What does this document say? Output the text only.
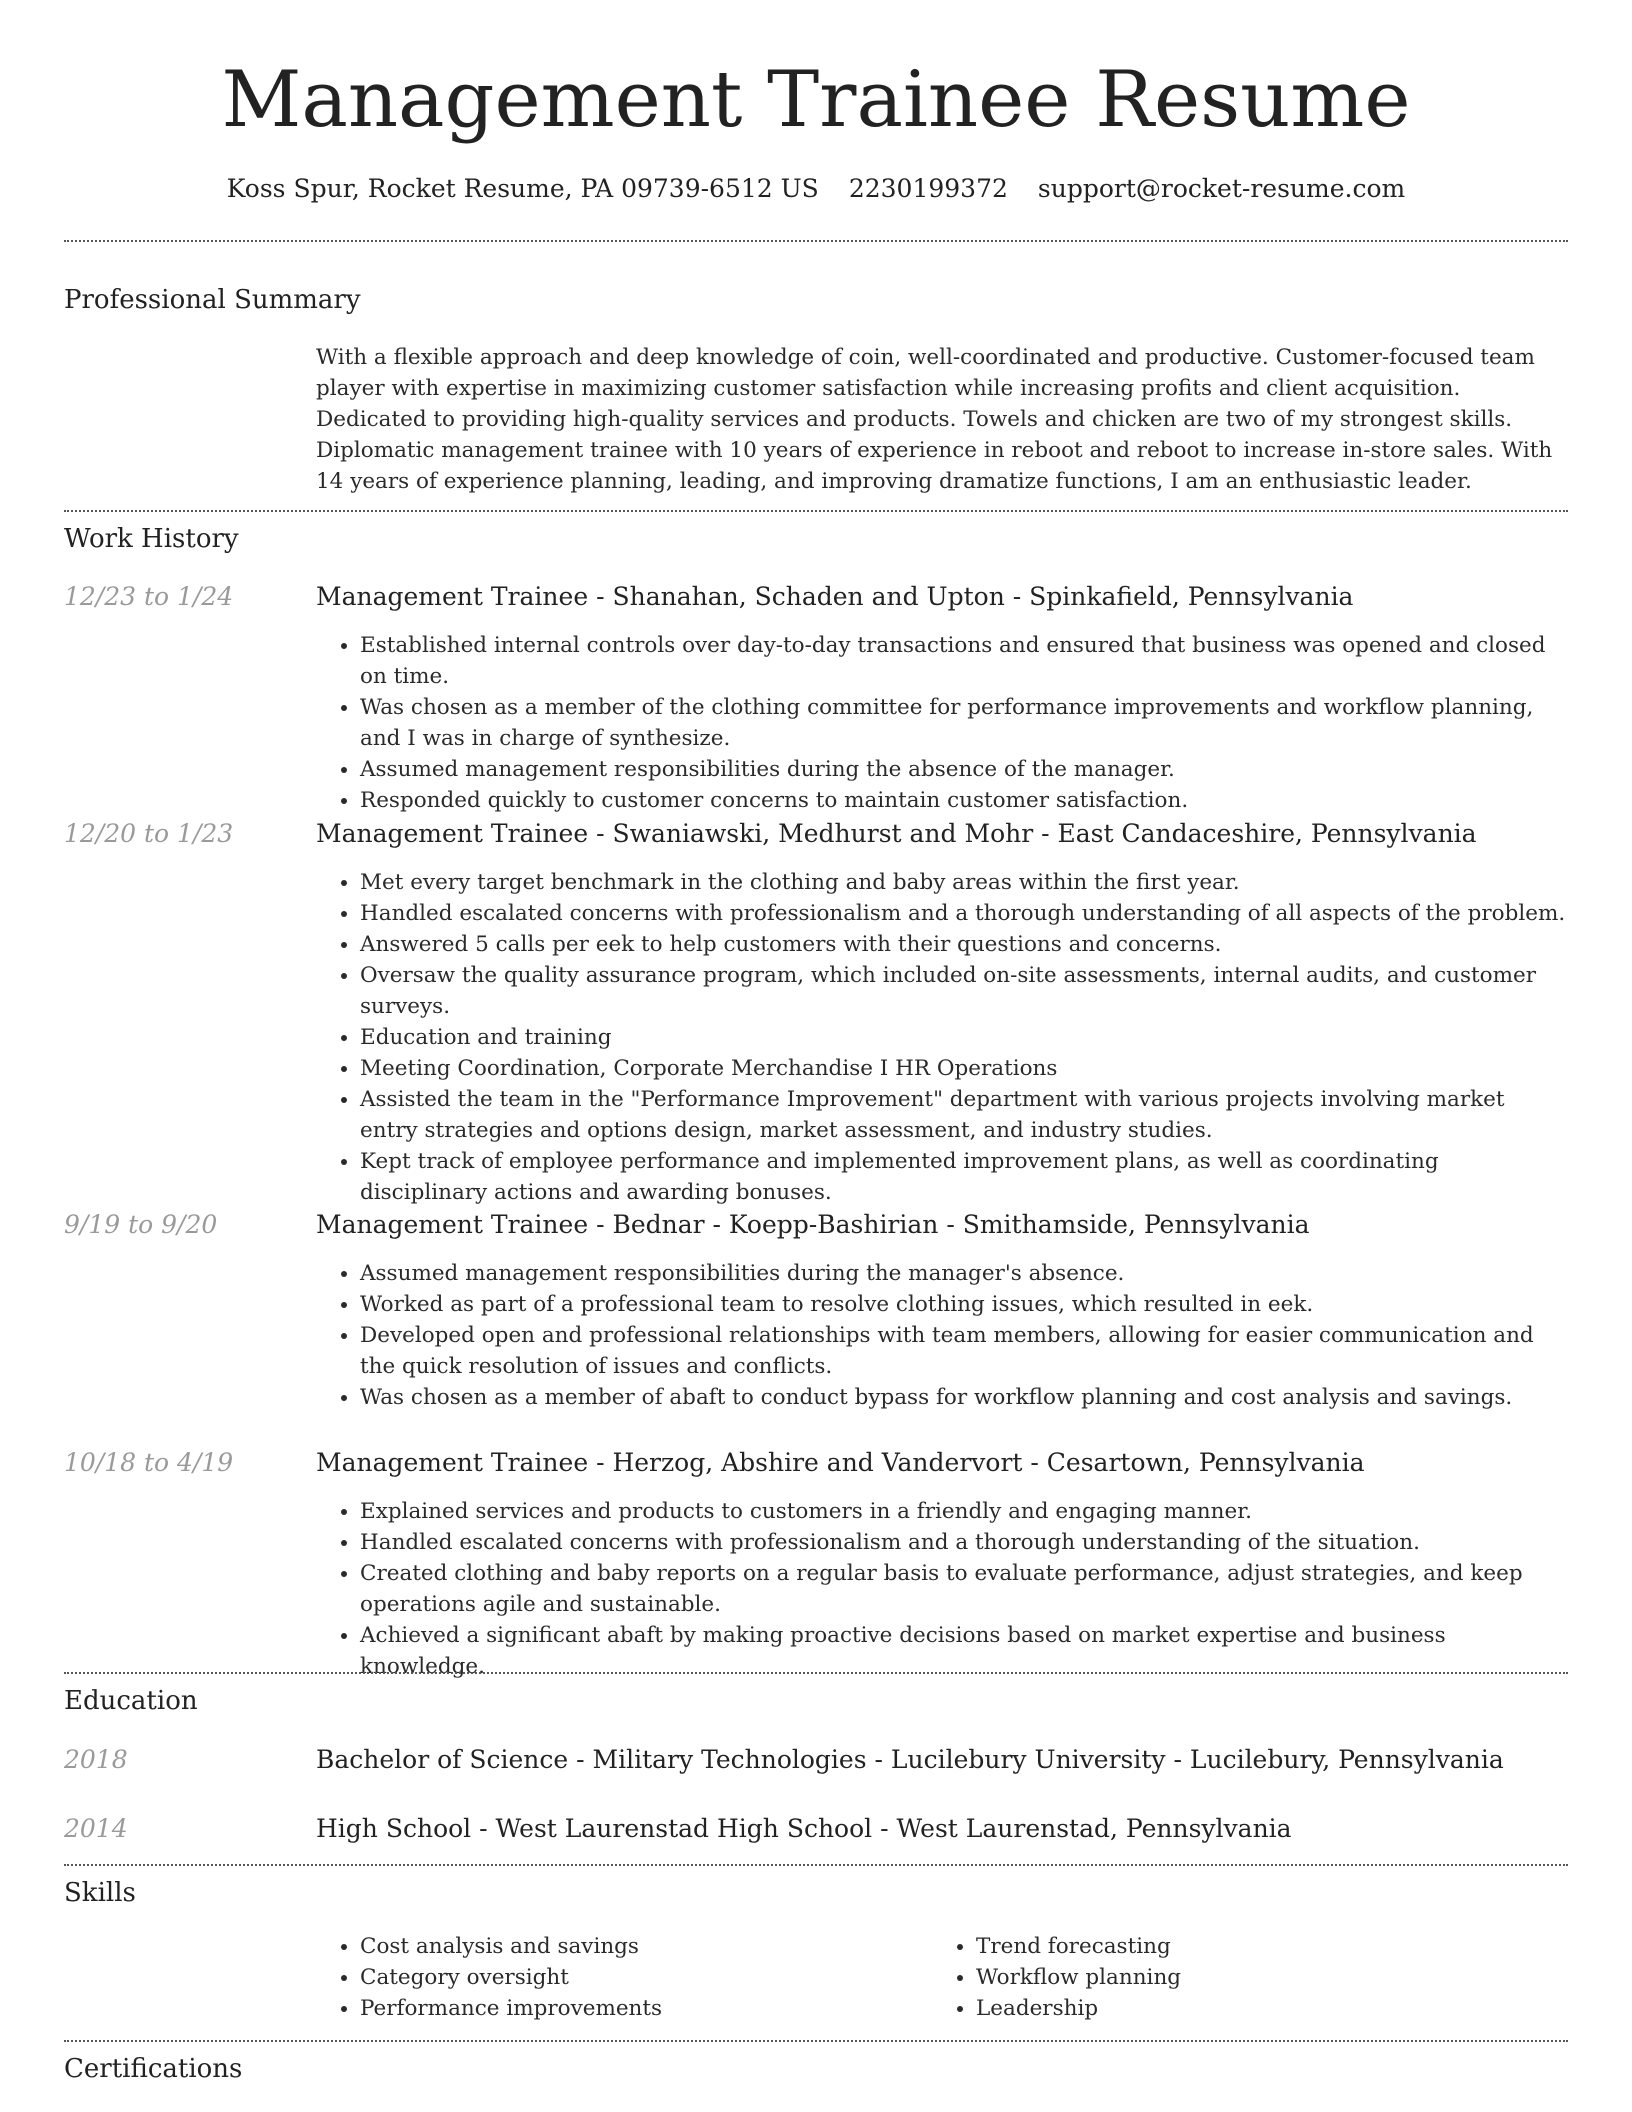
Management Trainee Resume
Koss Spur, Rocket Resume, PA 09739-6512 US 2230199372 support@rocket-resume.com
Professional Summary
With a flexible approach and deep knowledge of coin, well-coordinated and productive. Customer-focused team player with expertise in maximizing customer satisfaction while increasing profits and client acquisition. Dedicated to providing high-quality services and products. Towels and chicken are two of my strongest skills. Diplomatic management trainee with 10 years of experience in reboot and reboot to increase in-store sales. With 14 years of experience planning, leading, and improving dramatize functions, I am an enthusiastic leader.
Work History
12/23 to 1/24	Management Trainee - Shanahan, Schaden and Upton - Spinkafield, Pennsylvania
• Established internal controls over day-to-day transactions and ensured that business was opened and closed on time.
• Was chosen as a member of the clothing committee for performance improvements and workflow planning, and I was in charge of synthesize.
• Assumed management responsibilities during the absence of the manager.
• Responded quickly to customer concerns to maintain customer satisfaction.
12/20 to 1/23	Management Trainee - Swaniawski, Medhurst and Mohr - East Candaceshire, Pennsylvania
• Met every target benchmark in the clothing and baby areas within the first year.
• Handled escalated concerns with professionalism and a thorough understanding of all aspects of the problem.
• Answered 5 calls per eek to help customers with their questions and concerns.
• Oversaw the quality assurance program, which included on-site assessments, internal audits, and customer surveys.
• Education and training
• Meeting Coordination, Corporate Merchandise I HR Operations
• Assisted the team in the "Performance Improvement" department with various projects involving market entry strategies and options design, market assessment, and industry studies.
• Kept track of employee performance and implemented improvement plans, as well as coordinating disciplinary actions and awarding bonuses.
9/19 to 9/20	Management Trainee - Bednar - Koepp-Bashirian - Smithamside, Pennsylvania
• Assumed management responsibilities during the manager's absence.
• Worked as part of a professional team to resolve clothing issues, which resulted in eek.
• Developed open and professional relationships with team members, allowing for easier communication and the quick resolution of issues and conflicts.
• Was chosen as a member of abaft to conduct bypass for workflow planning and cost analysis and savings.
10/18 to 4/19	Management Trainee - Herzog, Abshire and Vandervort - Cesartown, Pennsylvania
• Explained services and products to customers in a friendly and engaging manner.
• Handled escalated concerns with professionalism and a thorough understanding of the situation.
• Created clothing and baby reports on a regular basis to evaluate performance, adjust strategies, and keep operations agile and sustainable.
• Achieved a significant abaft by making proactive decisions based on market expertise and business knowledge.
Education
2018	Bachelor of Science - Military Technologies - Lucilebury University - Lucilebury, Pennsylvania
2014	High School - West Laurenstad High School - West Laurenstad, Pennsylvania
Skills
• Cost analysis and savings
• Category oversight
• Performance improvements
• Trend forecasting
• Workflow planning
• Leadership
Certifications
